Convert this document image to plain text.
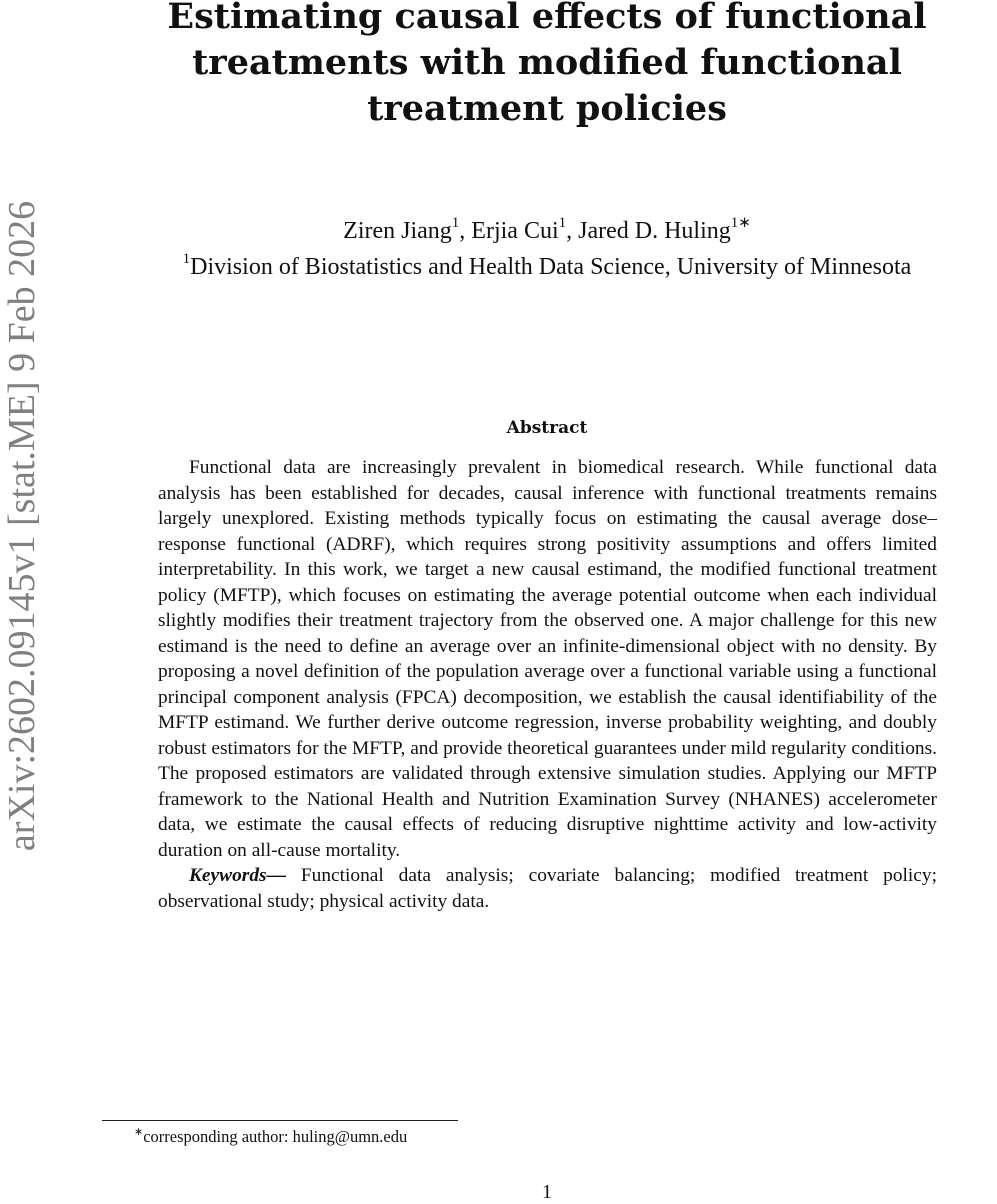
arXiv:2602.09145v1 [stat.ME] 9 Feb 2026
Estimating causal effects of functional
treatments with modified functional
treatment policies
Ziren Jiang$^1$, Erjia Cui$^1$, Jared D. Huling$^{1∗}$
$^1$Division of Biostatistics and Health Data Science, University of Minnesota
Abstract

Functional data are increasingly prevalent in biomedical research. While functional data analysis has been established for decades, causal inference with functional treatments remains largely unexplored. Existing methods typically focus on estimating the causal average dose–response functional (ADRF), which requires strong positivity assumptions and offers limited interpretability. In this work, we target a new causal estimand, the modified functional treatment policy (MFTP), which focuses on estimating the average potential outcome when each individual slightly modifies their treatment trajectory from the observed one. A major challenge for this new estimand is the need to define an average over an infinite-dimensional object with no density. By proposing a novel definition of the population average over a functional variable using a functional principal component analysis (FPCA) decomposition, we establish the causal identifiability of the MFTP estimand. We further derive outcome regression, inverse probability weighting, and doubly robust estimators for the MFTP, and provide theoretical guarantees under mild regularity conditions. The proposed estimators are validated through extensive simulation studies. Applying our MFTP framework to the National Health and Nutrition Examination Survey (NHANES) accelerometer data, we estimate the causal effects of reducing disruptive nighttime activity and low-activity duration on all-cause mortality.

Keywords— Functional data analysis; covariate balancing; modified treatment policy; observational study; physical activity data.

∗corresponding author: huling@umn.edu
1
